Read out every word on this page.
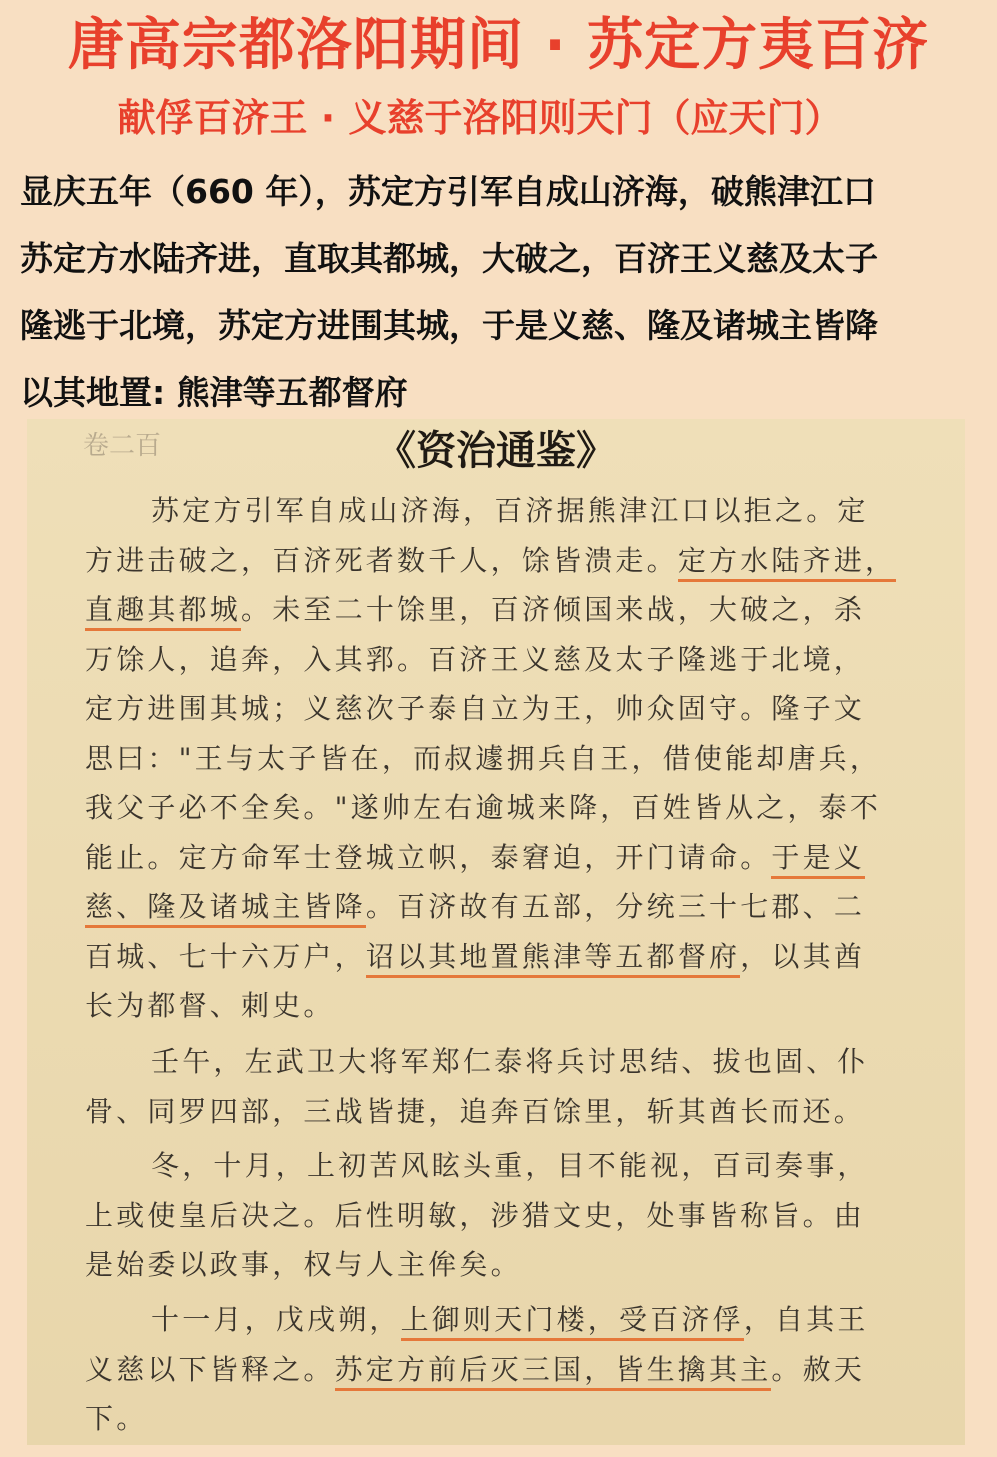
唐高宗都洛阳期间 · 苏定方夷百济
献俘百济王 · 义慈于洛阳则天门（应天门）
显庆五年（660 年），苏定方引军自成山济海，破熊津江口
苏定方水陆齐进，直取其都城，大破之，百济王义慈及太子
隆逃于北境，苏定方进围其城，于是义慈、隆及诸城主皆降
以其地置: 熊津等五都督府
卷二百	《资治通鉴》
苏定方引军自成山济海，百济据熊津江口以拒之。定
方进击破之，百济死者数千人，馀皆溃走。定方水陆齐进，
直趣其都城。未至二十馀里，百济倾国来战，大破之，杀
万馀人，追奔，入其郛。百济王义慈及太子隆逃于北境，
定方进围其城；义慈次子泰自立为王，帅众固守。隆子文
思曰："王与太子皆在，而叔遽拥兵自王，借使能却唐兵，
我父子必不全矣。"遂帅左右逾城来降，百姓皆从之，泰不
能止。定方命军士登城立帜，泰窘迫，开门请命。于是义
慈、隆及诸城主皆降。百济故有五部，分统三十七郡、二
百城、七十六万户，诏以其地置熊津等五都督府，以其酋
长为都督、刺史。
壬午，左武卫大将军郑仁泰将兵讨思结、拔也固、仆
骨、同罗四部，三战皆捷，追奔百馀里，斩其酋长而还。
冬，十月，上初苦风眩头重，目不能视，百司奏事，
上或使皇后决之。后性明敏，涉猎文史，处事皆称旨。由
是始委以政事，权与人主侔矣。
十一月，戊戌朔，上御则天门楼，受百济俘，自其王
义慈以下皆释之。苏定方前后灭三国，皆生擒其主。赦天
下。
